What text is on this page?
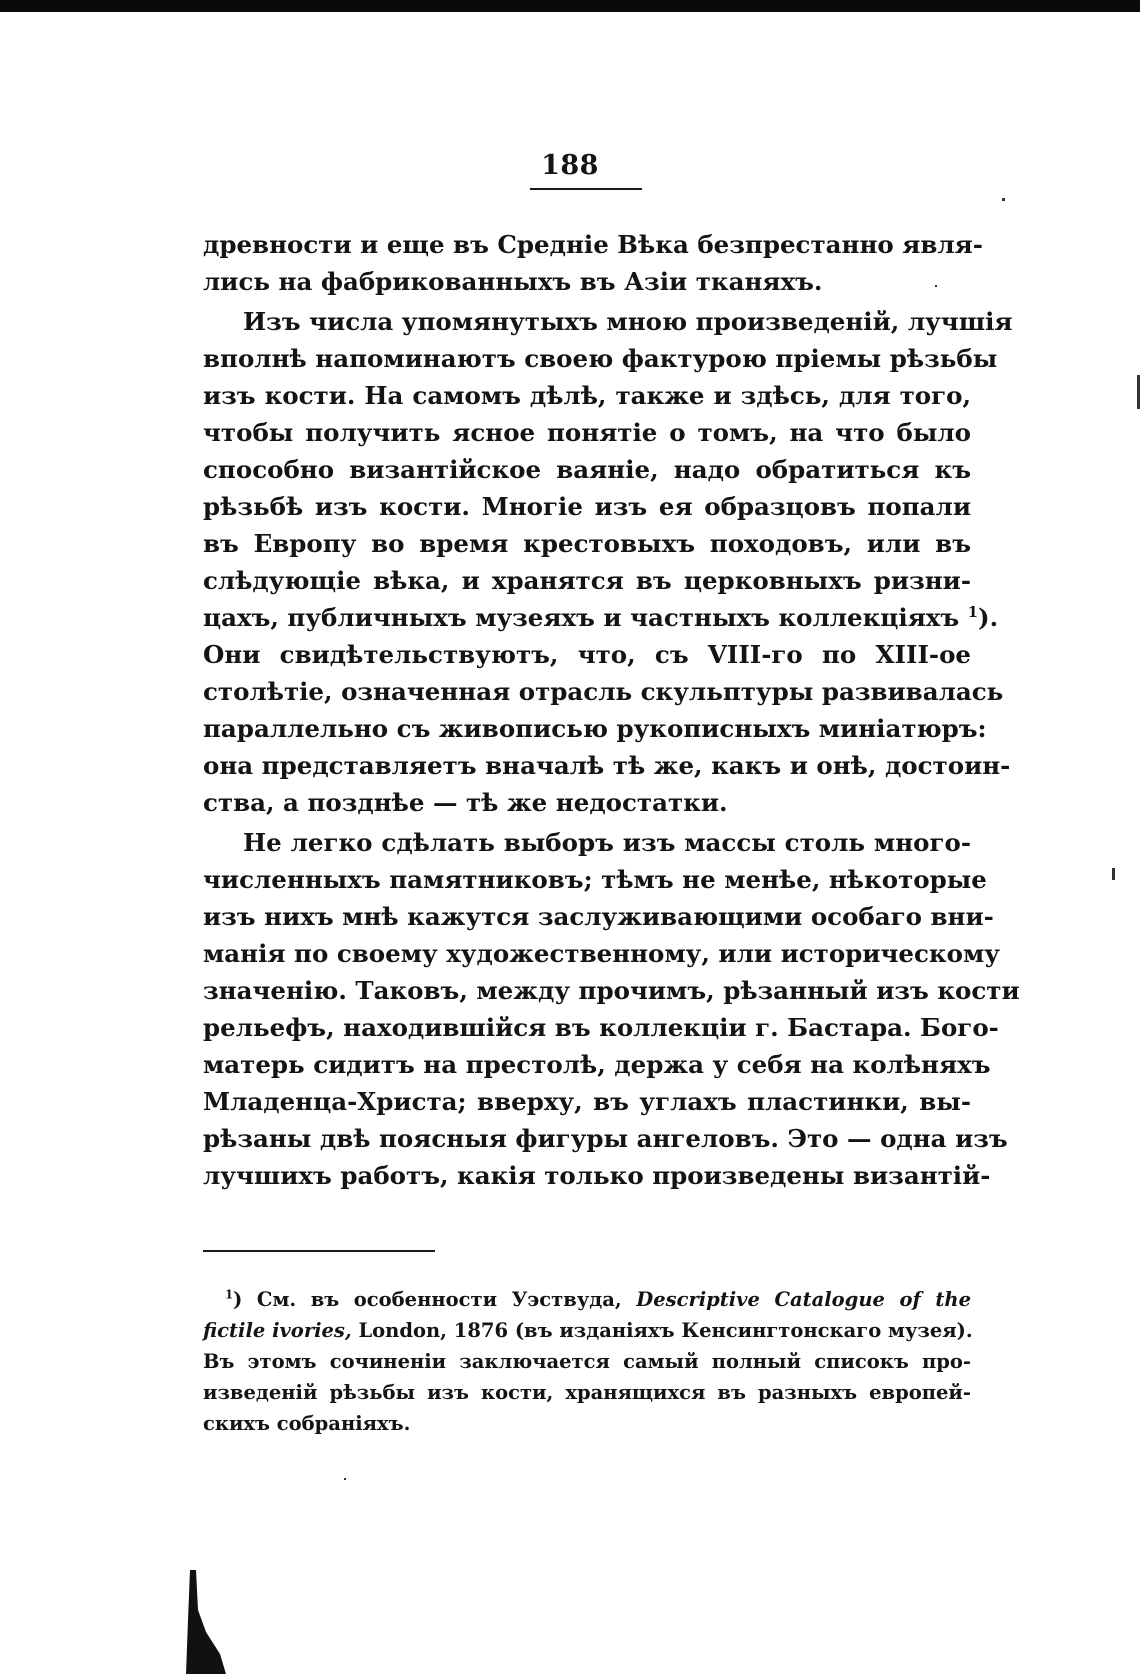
188
древности и еще въ Средніе Вѣка безпрестанно явля-
лись на фабрикованныхъ въ Азіи тканяхъ.
Изъ числа упомянутыхъ мною произведеній, лучшія
вполнѣ напоминаютъ своею фактурою пріемы рѣзьбы
изъ кости. На самомъ дѣлѣ, также и здѣсь, для того,
чтобы получить ясное понятіе о томъ, на что было
способно византійское ваяніе, надо обратиться къ
рѣзьбѣ изъ кости. Многіе изъ ея образцовъ попали
въ Европу во время крестовыхъ походовъ, или въ
слѣдующіе вѣка, и хранятся въ церковныхъ ризни-
цахъ, публичныхъ музеяхъ и частныхъ коллекціяхъ $^1$).
Они свидѣтельствуютъ, что, съ VIII-го по XIII-ое
столѣтіе, означенная отрасль скульптуры развивалась
параллельно съ живописью рукописныхъ миніатюръ:
она представляетъ вначалѣ тѣ же, какъ и онѣ, достоин-
ства, а позднѣе — тѣ же недостатки.
Не легко сдѣлать выборъ изъ массы столь много-
численныхъ памятниковъ; тѣмъ не менѣе, нѣкоторые
изъ нихъ мнѣ кажутся заслуживающими особаго вни-
манія по своему художественному, или историческому
значенію. Таковъ, между прочимъ, рѣзанный изъ кости
рельефъ, находившійся въ коллекціи г. Бастара. Бого-
матерь сидитъ на престолѣ, держа у себя на колѣняхъ
Младенца-Христа; вверху, въ углахъ пластинки, вы-
рѣзаны двѣ поясныя фигуры ангеловъ. Это — одна изъ
лучшихъ работъ, какія только произведены византій-
$^1$) См. въ особенности Уэствуда, Descriptive Catalogue of the
fictile ivories, London, 1876 (въ изданіяхъ Кенсингтонскаго музея).
Въ этомъ сочиненіи заключается самый полный списокъ про-
изведеній рѣзьбы изъ кости, хранящихся въ разныхъ европей-
скихъ собраніяхъ.
